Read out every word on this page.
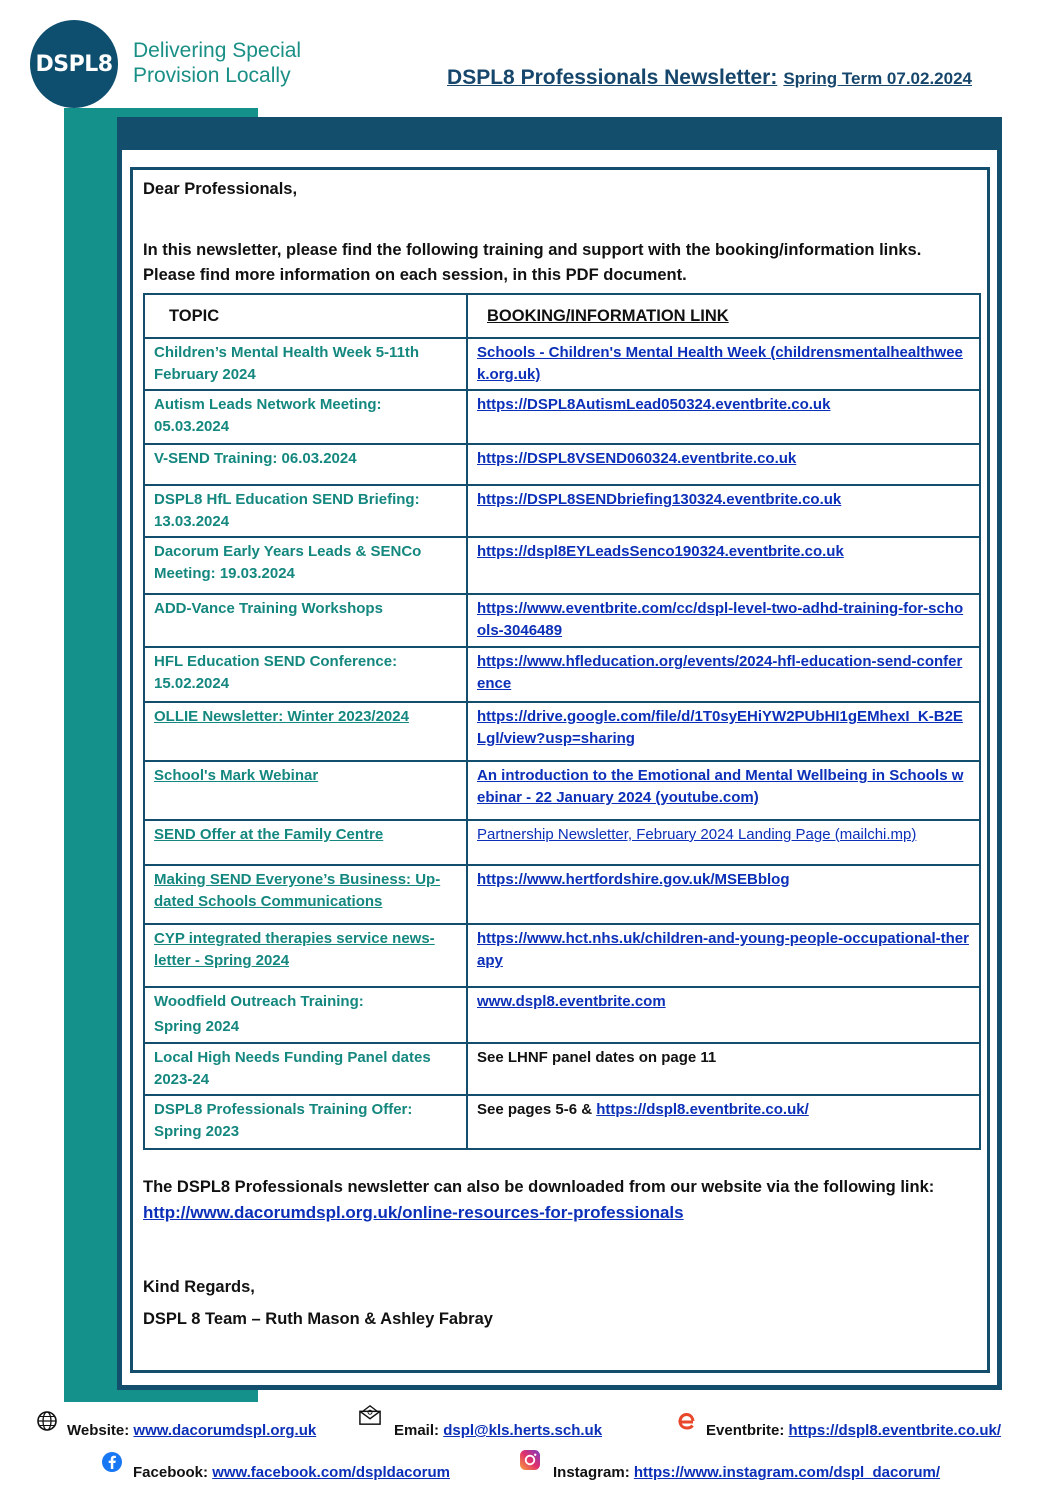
DSPL8
Delivering Special
Provision Locally	DSPL8 Professionals Newsletter: Spring Term 07.02.2024
Dear Professionals,
In this newsletter, please find the following training and support with the booking/information links.
Please find more information on each session, in this PDF document.
TOPIC	BOOKING/INFORMATION LINK
Children’s Mental Health Week 5-11th February 2024	Schools - Children's Mental Health Week (childrensmentalhealthweek.org.uk)
Autism Leads Network Meeting: 05.03.2024	https://DSPL8AutismLead050324.eventbrite.co.uk
V-SEND Training: 06.03.2024	https://DSPL8VSEND060324.eventbrite.co.uk
DSPL8 HfL Education SEND Briefing: 13.03.2024	https://DSPL8SENDbriefing130324.eventbrite.co.uk
Dacorum Early Years Leads & SENCo Meeting: 19.03.2024	https://dspl8EYLeadsSenco190324.eventbrite.co.uk
ADD-Vance Training Workshops	https://www.eventbrite.com/cc/dspl-level-two-adhd-training-for-schools-3046489
HFL Education SEND Conference: 15.02.2024	https://www.hfleducation.org/events/2024-hfl-education-send-conference
OLLIE Newsletter: Winter 2023/2024	https://drive.google.com/file/d/1T0syEHiYW2PUbHI1gEMhexI_K-B2ELgl/view?usp=sharing
School's Mark Webinar	An introduction to the Emotional and Mental Wellbeing in Schools webinar - 22 January 2024 (youtube.com)
SEND Offer at the Family Centre	Partnership Newsletter, February 2024 Landing Page (mailchi.mp)
Making SEND Everyone’s Business: Up-dated Schools Communications	https://www.hertfordshire.gov.uk/MSEBblog
CYP integrated therapies service news-letter - Spring 2024	https://www.hct.nhs.uk/children-and-young-people-occupational-therapy

Woodfield Outreach Training:
Spring 2024	www.dspl8.eventbrite.com
Local High Needs Funding Panel dates 2023-24	See LHNF panel dates on page 11
DSPL8 Professionals Training Offer: Spring 2023	See pages 5-6 & https://dspl8.eventbrite.co.uk/
The DSPL8 Professionals newsletter can also be downloaded from our website via the following link:
http://www.dacorumdspl.org.uk/online-resources-for-professionals
Kind Regards,
DSPL 8 Team – Ruth Mason & Ashley Fabray
Website: www.dacorumdspl.org.uk	Email: dspl@kls.herts.sch.uk	Eventbrite: https://dspl8.eventbrite.co.uk/
Facebook: www.facebook.com/dspldacorum	Instagram: https://www.instagram.com/dspl_dacorum/
